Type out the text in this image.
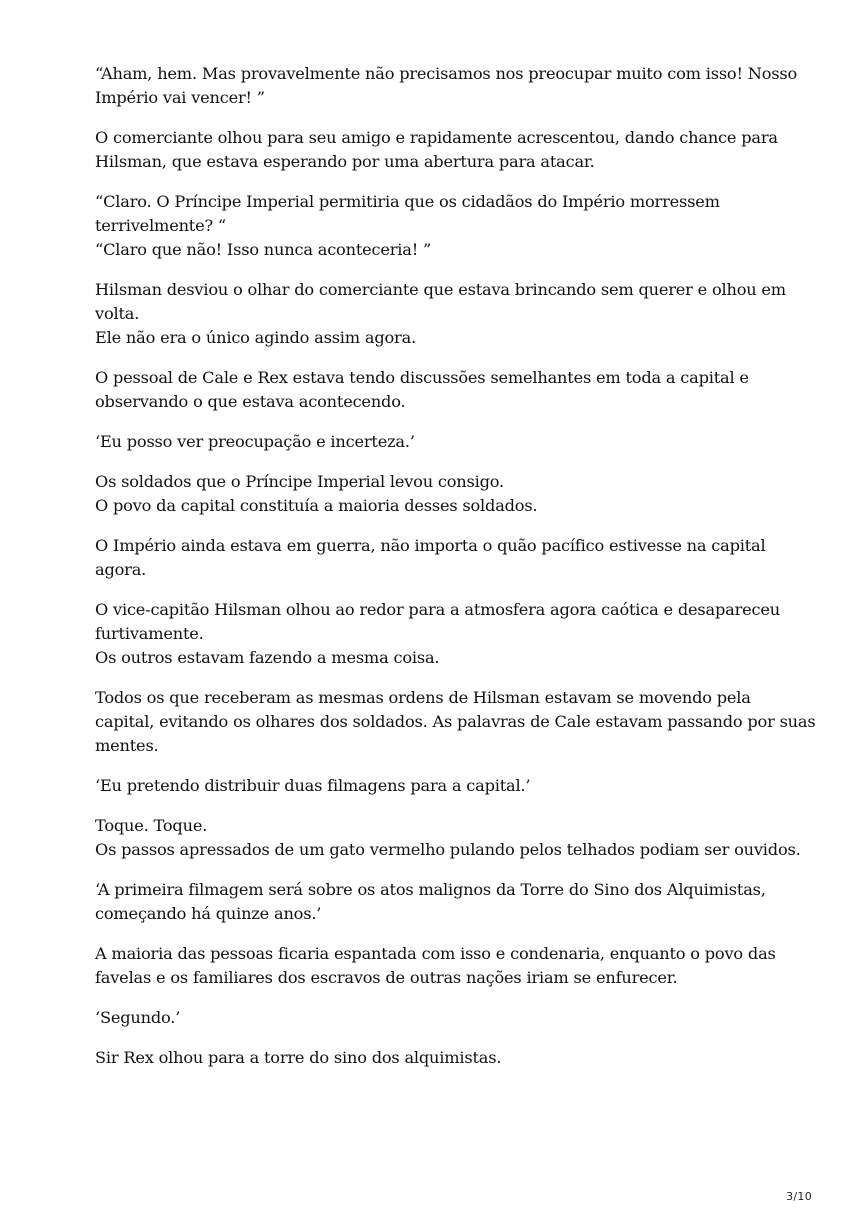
“Aham, hem. Mas provavelmente não precisamos nos preocupar muito com isso! Nosso
Império vai vencer! ”

O comerciante olhou para seu amigo e rapidamente acrescentou, dando chance para
Hilsman, que estava esperando por uma abertura para atacar.

“Claro. O Príncipe Imperial permitiria que os cidadãos do Império morressem
terrivelmente? “
“Claro que não! Isso nunca aconteceria! ”

Hilsman desviou o olhar do comerciante que estava brincando sem querer e olhou em
volta.
Ele não era o único agindo assim agora.

O pessoal de Cale e Rex estava tendo discussões semelhantes em toda a capital e
observando o que estava acontecendo.

‘Eu posso ver preocupação e incerteza.’

Os soldados que o Príncipe Imperial levou consigo.
O povo da capital constituía a maioria desses soldados.

O Império ainda estava em guerra, não importa o quão pacífico estivesse na capital
agora.

O vice-capitão Hilsman olhou ao redor para a atmosfera agora caótica e desapareceu
furtivamente.
Os outros estavam fazendo a mesma coisa.

Todos os que receberam as mesmas ordens de Hilsman estavam se movendo pela
capital, evitando os olhares dos soldados. As palavras de Cale estavam passando por suas
mentes.

‘Eu pretendo distribuir duas filmagens para a capital.’

Toque. Toque.
Os passos apressados de um gato vermelho pulando pelos telhados podiam ser ouvidos.

‘A primeira filmagem será sobre os atos malignos da Torre do Sino dos Alquimistas,
começando há quinze anos.’

A maioria das pessoas ficaria espantada com isso e condenaria, enquanto o povo das
favelas e os familiares dos escravos de outras nações iriam se enfurecer.

‘Segundo.’

Sir Rex olhou para a torre do sino dos alquimistas.

3/10
